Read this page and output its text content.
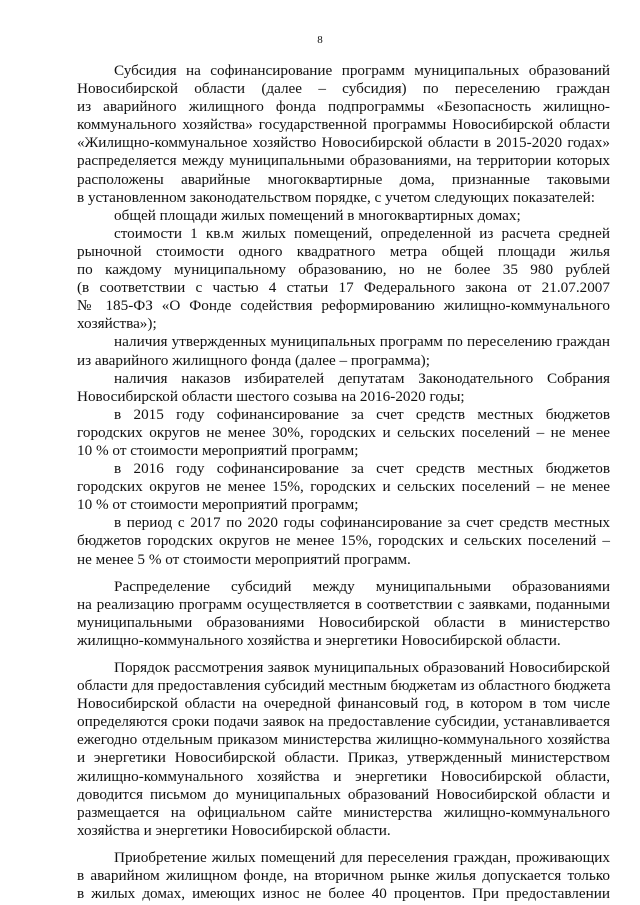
8
Субсидия на софинансирование программ муниципальных образований
Новосибирской области (далее – субсидия) по переселению граждан
из аварийного жилищного фонда подпрограммы «Безопасность жилищно-
коммунального хозяйства» государственной программы Новосибирской области
«Жилищно-коммунальное хозяйство Новосибирской области в 2015-2020 годах»
распределяется между муниципальными образованиями, на территории которых
расположены аварийные многоквартирные дома, признанные таковыми
в установленном законодательством порядке, с учетом следующих показателей:
общей площади жилых помещений в многоквартирных домах;
стоимости 1 кв.м жилых помещений, определенной из расчета средней
рыночной стоимости одного квадратного метра общей площади жилья
по каждому муниципальному образованию, но не более 35 980 рублей
(в соответствии с частью 4 статьи 17 Федерального закона от 21.07.2007
№ 185-ФЗ «О Фонде содействия реформированию жилищно-коммунального
хозяйства»);
наличия утвержденных муниципальных программ по переселению граждан
из аварийного жилищного фонда (далее – программа);
наличия наказов избирателей депутатам Законодательного Собрания
Новосибирской области шестого созыва на 2016-2020 годы;
в 2015 году софинансирование за счет средств местных бюджетов
городских округов не менее 30%, городских и сельских поселений – не менее
10 % от стоимости мероприятий программ;
в 2016 году софинансирование за счет средств местных бюджетов
городских округов не менее 15%, городских и сельских поселений – не менее
10 % от стоимости мероприятий программ;
в период с 2017 по 2020 годы софинансирование за счет средств местных
бюджетов городских округов не менее 15%, городских и сельских поселений –
не менее 5 % от стоимости мероприятий программ.
Распределение субсидий между муниципальными образованиями
на реализацию программ осуществляется в соответствии с заявками, поданными
муниципальными образованиями Новосибирской области в министерство
жилищно-коммунального хозяйства и энергетики Новосибирской области.
Порядок рассмотрения заявок муниципальных образований Новосибирской
области для предоставления субсидий местным бюджетам из областного бюджета
Новосибирской области на очередной финансовый год, в котором в том числе
определяются сроки подачи заявок на предоставление субсидии, устанавливается
ежегодно отдельным приказом министерства жилищно-коммунального хозяйства
и энергетики Новосибирской области. Приказ, утвержденный министерством
жилищно-коммунального хозяйства и энергетики Новосибирской области,
доводится письмом до муниципальных образований Новосибирской области и
размещается на официальном сайте министерства жилищно-коммунального
хозяйства и энергетики Новосибирской области.
Приобретение жилых помещений для переселения граждан, проживающих
в аварийном жилищном фонде, на вторичном рынке жилья допускается только
в жилых домах, имеющих износ не более 40 процентов. При предоставлении
